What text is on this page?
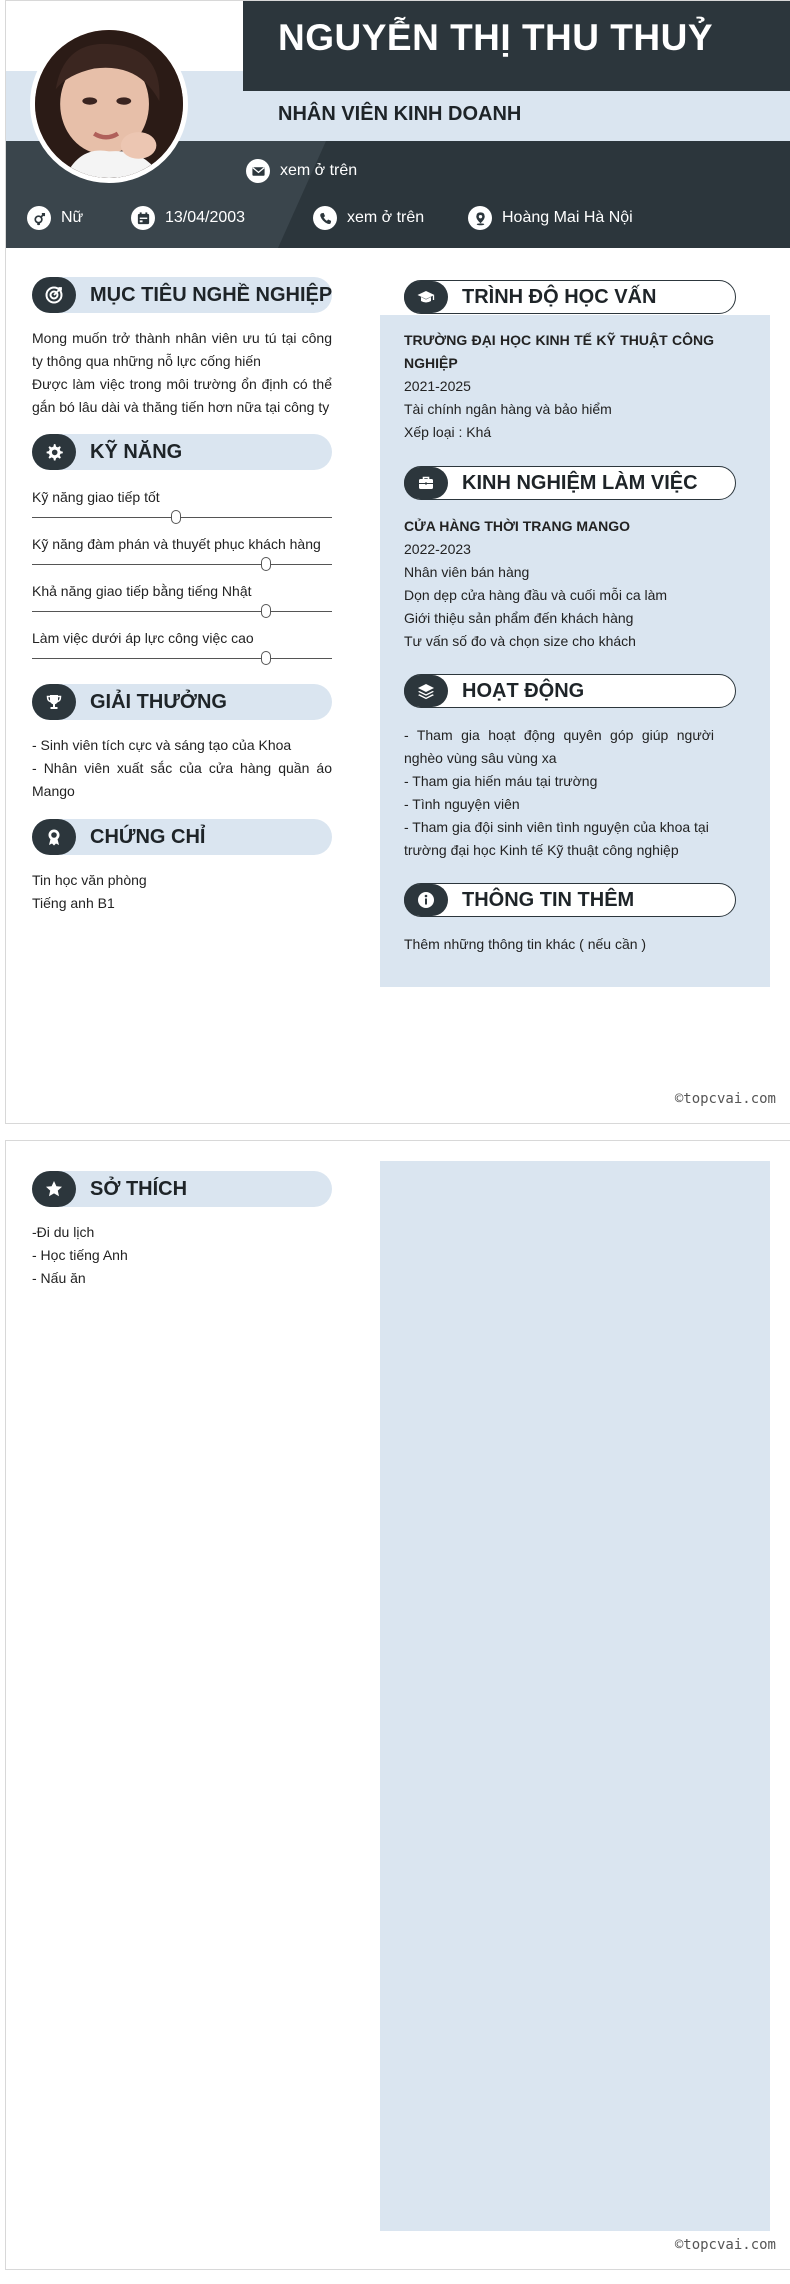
NGUYỄN THỊ THU THUỶ
NHÂN VIÊN KINH DOANH
xem ở trên
Nữ	13/04/2003	xem ở trên	Hoàng Mai Hà Nội
MỤC TIÊU NGHỀ NGHIỆP
Mong muốn trở thành nhân viên ưu tú tại công ty thông qua những nỗ lực cống hiến
Được làm việc trong môi trường ổn định có thể gắn bó lâu dài và thăng tiến hơn nữa tại công ty
KỸ NĂNG
Kỹ năng giao tiếp tốt
Kỹ năng đàm phán và thuyết phục khách hàng
Khả năng giao tiếp bằng tiếng Nhật
Làm việc dưới áp lực công việc cao
GIẢI THƯỞNG
- Sinh viên tích cực và sáng tạo của Khoa
- Nhân viên xuất sắc của cửa hàng quần áo Mango
CHỨNG CHỈ
Tin học văn phòng
Tiếng anh B1
TRÌNH ĐỘ HỌC VẤN
TRƯỜNG ĐẠI HỌC KINH TẾ KỸ THUẬT CÔNG NGHIỆP
2021-2025
Tài chính ngân hàng và bảo hiểm
Xếp loại : Khá
KINH NGHIỆM LÀM VIỆC
CỬA HÀNG THỜI TRANG MANGO
2022-2023
Nhân viên bán hàng
Dọn dẹp cửa hàng đầu và cuối mỗi ca làm
Giới thiệu sản phẩm đến khách hàng
Tư vấn số đo và chọn size cho khách
HOẠT ĐỘNG
- Tham gia hoạt động quyên góp giúp người nghèo vùng sâu vùng xa
- Tham gia hiến máu tại trường
- Tình nguyện viên
- Tham gia đội sinh viên tình nguyện của khoa tại trường đại học Kinh tế Kỹ thuật công nghiệp
THÔNG TIN THÊM
Thêm những thông tin khác ( nếu cần )
©topcvai.com
SỞ THÍCH
-Đi du lịch
- Học tiếng Anh
- Nấu ăn
©topcvai.com
